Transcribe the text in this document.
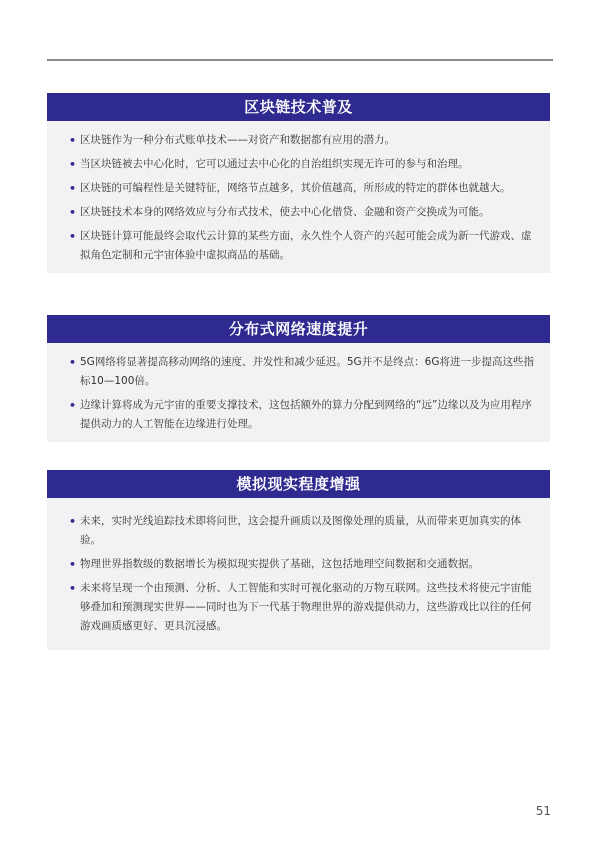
区块链技术普及
• 区块链作为一种分布式账单技术——对资产和数据都有应用的潜力。
• 当区块链被去中心化时，它可以通过去中心化的自治组织实现无许可的参与和治理。
• 区块链的可编程性是关键特征，网络节点越多，其价值越高，所形成的特定的群体也就越大。
• 区块链技术本身的网络效应与分布式技术，使去中心化借贷、金融和资产交换成为可能。
• 区块链计算可能最终会取代云计算的某些方面，永久性个人资产的兴起可能会成为新一代游戏、虚拟角色定制和元宇宙体验中虚拟商品的基础。
分布式网络速度提升
• 5G网络将显著提高移动网络的速度、并发性和减少延迟。5G并不是终点：6G将进一步提高这些指标10—100倍。
• 边缘计算将成为元宇宙的重要支撑技术，这包括额外的算力分配到网络的“远”边缘以及为应用程序提供动力的人工智能在边缘进行处理。
模拟现实程度增强
• 未来，实时光线追踪技术即将问世，这会提升画质以及图像处理的质量，从而带来更加真实的体验。
• 物理世界指数级的数据增长为模拟现实提供了基础，这包括地理空间数据和交通数据。
• 未来将呈现一个由预测、分析、人工智能和实时可视化驱动的万物互联网。这些技术将使元宇宙能够叠加和预测现实世界——同时也为下一代基于物理世界的游戏提供动力，这些游戏比以往的任何游戏画质感更好、更具沉浸感。
51
